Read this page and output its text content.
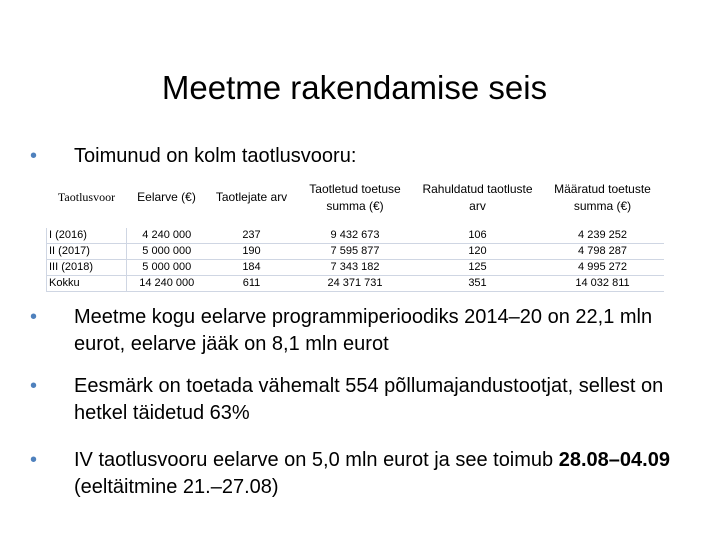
Meetme rakendamise seis
•	Toimunud on kolm taotlusvooru:
Taotlusvoor	Eelarve (€)	Taotlejate arv	Taotletud toetuse summa (€)	Rahuldatud taotluste arv	Määratud toetuste summa (€)
I (2016)	4 240 000	237	9 432 673	106	4 239 252
II (2017)	5 000 000	190	7 595 877	120	4 798 287
III (2018)	5 000 000	184	7 343 182	125	4 995 272
Kokku	14 240 000	611	24 371 731	351	14 032 811
•	Meetme kogu eelarve programmiperioodiks 2014–20 on 22,1 mln eurot, eelarve jääk on 8,1 mln eurot
•	Eesmärk on toetada vähemalt 554 põllumajandustootjat, sellest on hetkel täidetud 63%
•	IV taotlusvooru eelarve on 5,0 mln eurot ja see toimub 28.08–04.09 (eeltäitmine 21.–27.08)
